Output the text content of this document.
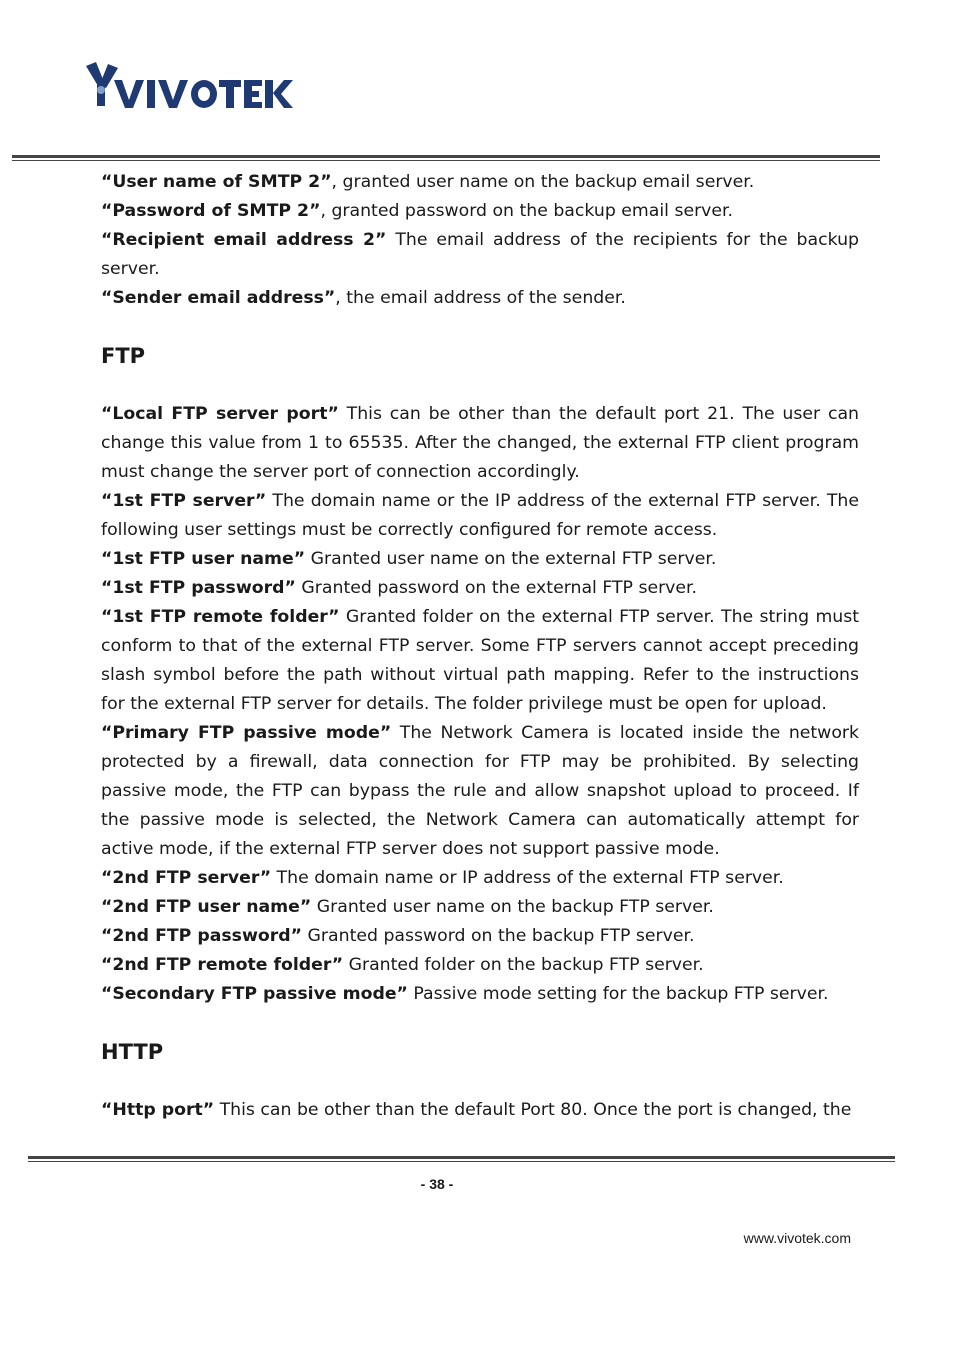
“User name of SMTP 2”, granted user name on the backup email server.

“Password of SMTP 2”, granted password on the backup email server.

“Recipient email address 2” The email address of the recipients for the backup server.

“Sender email address”, the email address of the sender.

FTP

“Local FTP server port” This can be other than the default port 21. The user can change this value from 1 to 65535. After the changed, the external FTP client program must change the server port of connection accordingly.

“1st FTP server” The domain name or the IP address of the external FTP server. The following user settings must be correctly configured for remote access.

“1st FTP user name” Granted user name on the external FTP server.

“1st FTP password” Granted password on the external FTP server.

“1st FTP remote folder” Granted folder on the external FTP server. The string must conform to that of the external FTP server. Some FTP servers cannot accept preceding slash symbol before the path without virtual path mapping. Refer to the instructions for the external FTP server for details. The folder privilege must be open for upload.

“Primary FTP passive mode” The Network Camera is located inside the network protected by a firewall, data connection for FTP may be prohibited. By selecting passive mode, the FTP can bypass the rule and allow snapshot upload to proceed. If the passive mode is selected, the Network Camera can automatically attempt for active mode, if the external FTP server does not support passive mode.

“2nd FTP server” The domain name or IP address of the external FTP server.

“2nd FTP user name” Granted user name on the backup FTP server.

“2nd FTP password” Granted password on the backup FTP server.

“2nd FTP remote folder” Granted folder on the backup FTP server.

“Secondary FTP passive mode” Passive mode setting for the backup FTP server.

HTTP

“Http port” This can be other than the default Port 80. Once the port is changed, the

- 38 -
www.vivotek.com
